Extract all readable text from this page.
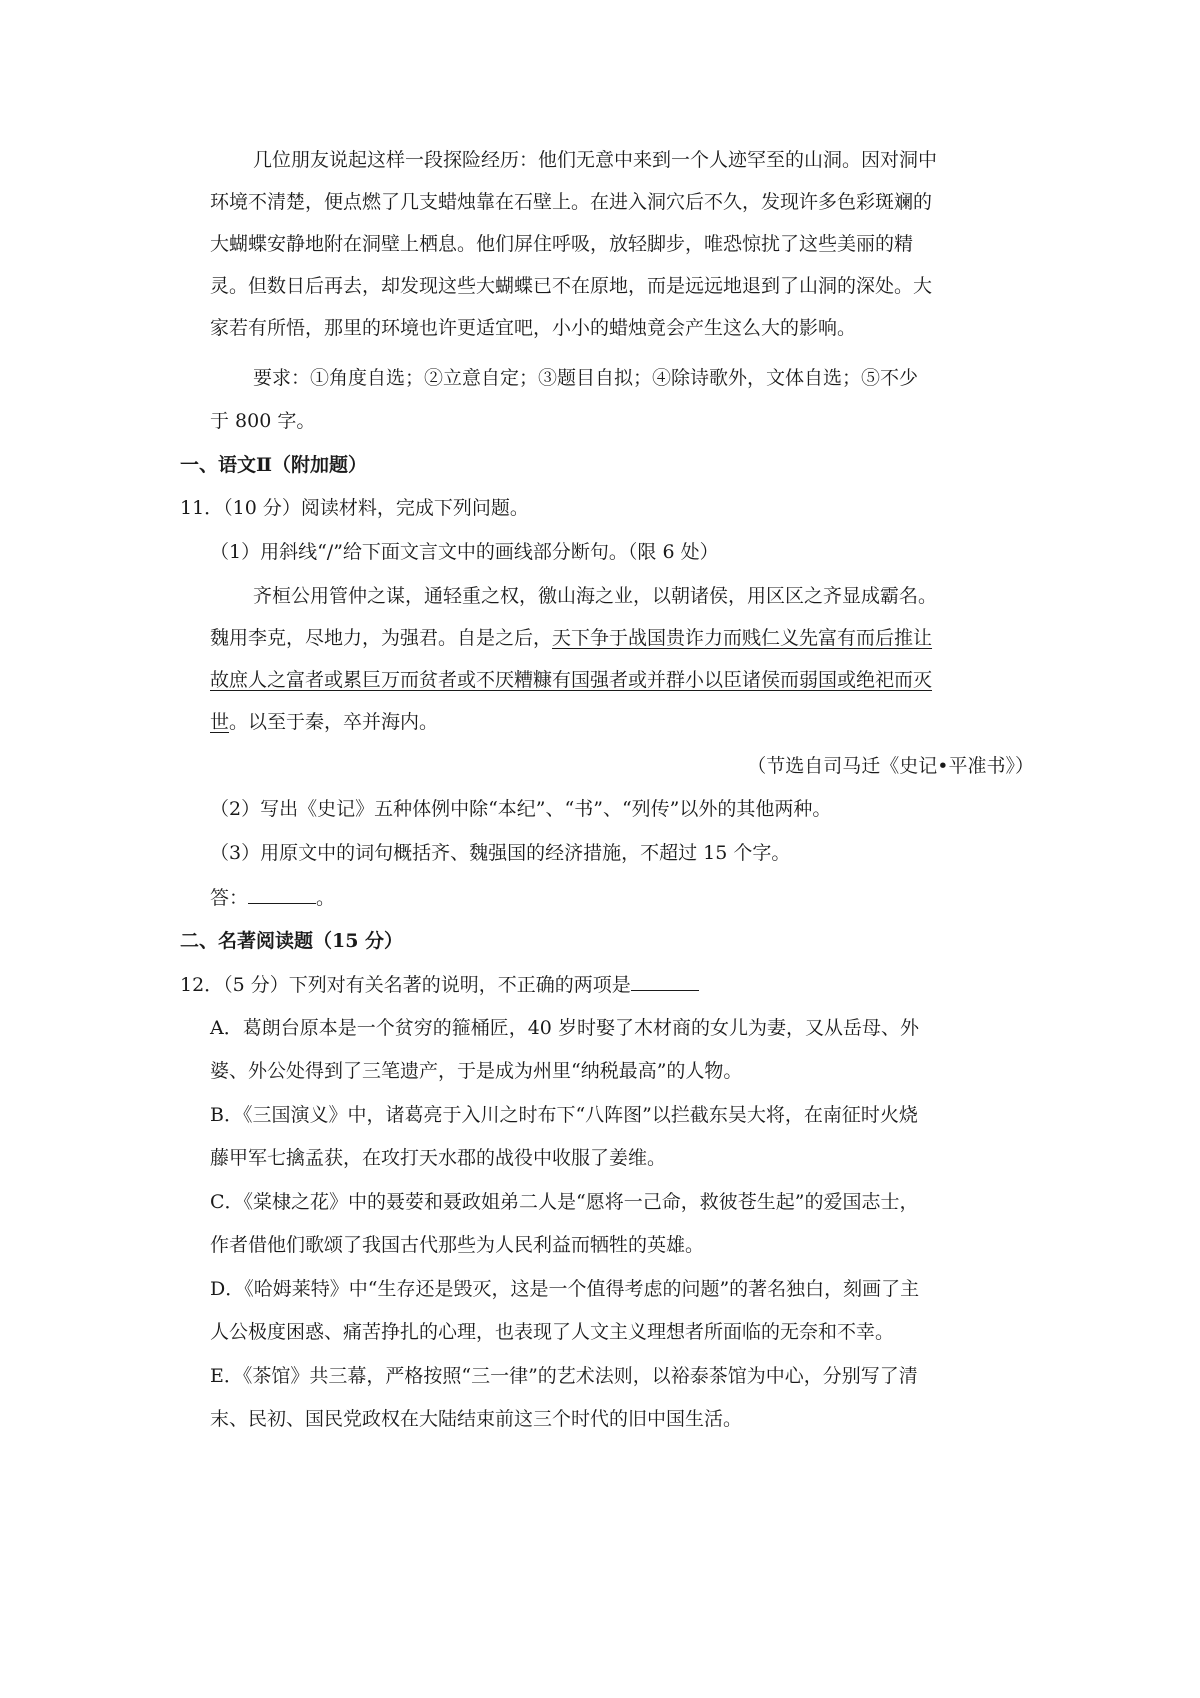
几位朋友说起这样一段探险经历：他们无意中来到一个人迹罕至的山洞。因对洞中
环境不清楚，便点燃了几支蜡烛靠在石壁上。在进入洞穴后不久，发现许多色彩斑斓的
大蝴蝶安静地附在洞壁上栖息。他们屏住呼吸，放轻脚步，唯恐惊扰了这些美丽的精
灵。但数日后再去，却发现这些大蝴蝶已不在原地，而是远远地退到了山洞的深处。大
家若有所悟，那里的环境也许更适宜吧，小小的蜡烛竟会产生这么大的影响。
要求：①角度自选；②立意自定；③题目自拟；④除诗歌外，文体自选；⑤不少
于 800 字。
一、语文Ⅱ（附加题）
11．（10 分）阅读材料，完成下列问题。
（1）用斜线“/”给下面文言文中的画线部分断句。（限 6 处）
齐桓公用管仲之谋，通轻重之权，徼山海之业，以朝诸侯，用区区之齐显成霸名。
魏用李克，尽地力，为强君。自是之后，天下争于战国贵诈力而贱仁义先富有而后推让
故庶人之富者或累巨万而贫者或不厌糟糠有国强者或并群小以臣诸侯而弱国或绝祀而灭
世。以至于秦，卒并海内。
（节选自司马迁《史记•平准书》）
（2）写出《史记》五种体例中除“本纪”、“书”、“列传”以外的其他两种。
（3）用原文中的词句概括齐、魏强国的经济措施，不超过 15 个字。
答：	。
二、名著阅读题（15 分）
12．（5 分）下列对有关名著的说明，不正确的两项是
A．葛朗台原本是一个贫穷的箍桶匠，40 岁时娶了木材商的女儿为妻，又从岳母、外
婆、外公处得到了三笔遗产，于是成为州里“纳税最高”的人物。
B．《三国演义》中，诸葛亮于入川之时布下“八阵图”以拦截东吴大将，在南征时火烧
藤甲军七擒孟获，在攻打天水郡的战役中收服了姜维。
C．《棠棣之花》中的聂荌和聂政姐弟二人是“愿将一己命，救彼苍生起”的爱国志士，
作者借他们歌颂了我国古代那些为人民利益而牺牲的英雄。
D．《哈姆莱特》中“生存还是毁灭，这是一个值得考虑的问题”的著名独白，刻画了主
人公极度困惑、痛苦挣扎的心理，也表现了人文主义理想者所面临的无奈和不幸。
E．《茶馆》共三幕，严格按照“三一律”的艺术法则，以裕泰茶馆为中心，分别写了清
末、民初、国民党政权在大陆结束前这三个时代的旧中国生活。
